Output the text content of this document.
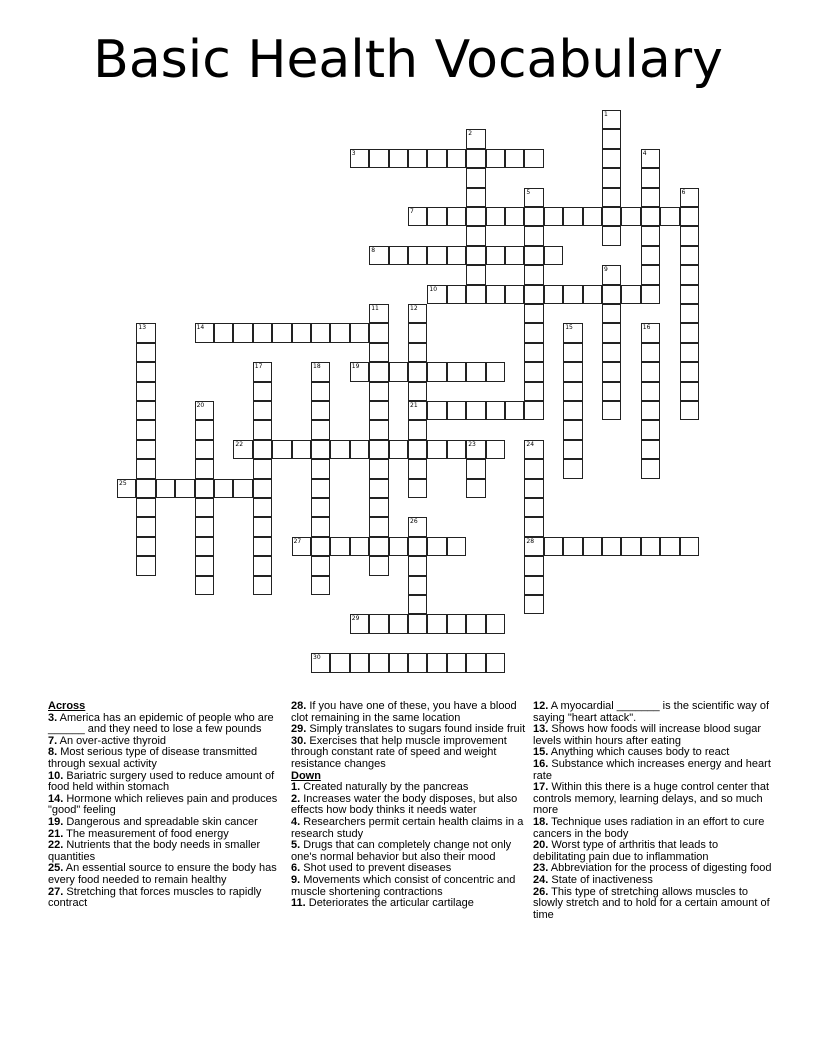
Basic Health Vocabulary
1
2
3	4
5	6
7
8
9
10
11	12
21
13	14	15	16
17	18	19
20
22	23	24
28
25
26
27
29
30
Across
3. America has an epidemic of people who are ______ and they need to lose a few pounds
7. An over-active thyroid
8. Most serious type of disease transmitted through sexual activity
10. Bariatric surgery used to reduce amount of food held within stomach
14. Hormone which relieves pain and produces "good" feeling
19. Dangerous and spreadable skin cancer
21. The measurement of food energy
22. Nutrients that the body needs in smaller quantities
25. An essential source to ensure the body has every food needed to remain healthy
27. Stretching that forces muscles to rapidly contract
28. If you have one of these, you have a blood clot remaining in the same location
29. Simply translates to sugars found inside fruit
30. Exercises that help muscle improvement through constant rate of speed and weight resistance changes
Down
1. Created naturally by the pancreas
2. Increases water the body disposes, but also effects how body thinks it needs water
4. Researchers permit certain health claims in a research study
5. Drugs that can completely change not only one's normal behavior but also their mood
6. Shot used to prevent diseases
9. Movements which consist of concentric and muscle shortening contractions
11. Deteriorates the articular cartilage
12. A myocardial _______ is the scientific way of saying "heart attack".
13. Shows how foods will increase blood sugar levels within hours after eating
15. Anything which causes body to react
16. Substance which increases energy and heart rate
17. Within this there is a huge control center that controls memory, learning delays, and so much more
18. Technique uses radiation in an effort to cure cancers in the body
20. Worst type of arthritis that leads to debilitating pain due to inflammation
23. Abbreviation for the process of digesting food
24. State of inactiveness
26. This type of stretching allows muscles to slowly stretch and to hold for a certain amount of time
